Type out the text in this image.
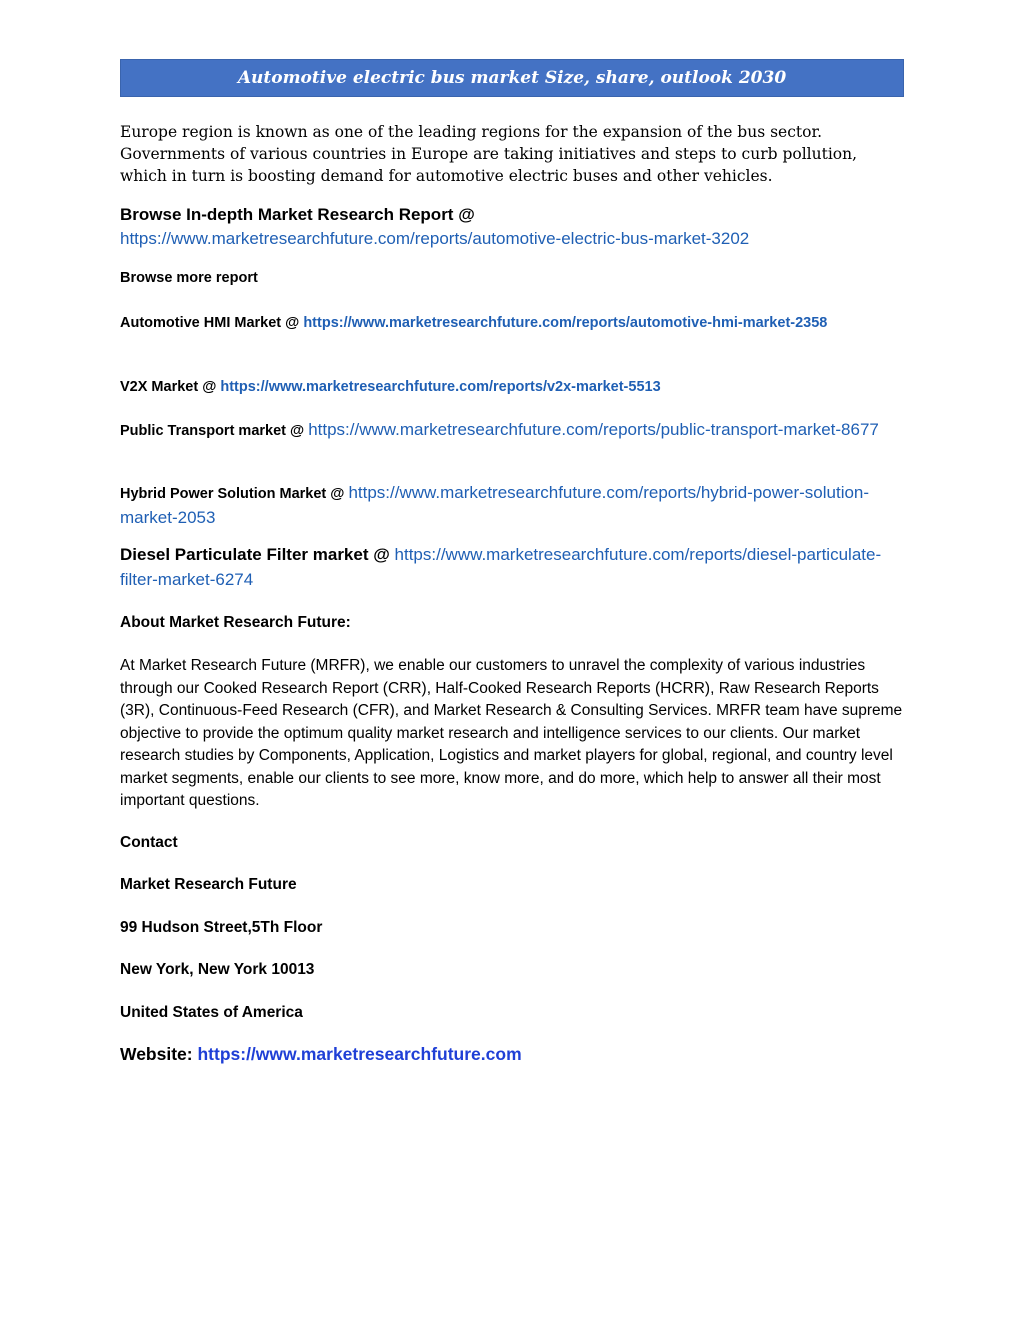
Automotive electric bus market Size, share, outlook 2030
Europe region is known as one of the leading regions for the expansion of the bus sector. Governments of various countries in Europe are taking initiatives and steps to curb pollution, which in turn is boosting demand for automotive electric buses and other vehicles.
Browse In-depth Market Research Report @
https://www.marketresearchfuture.com/reports/automotive-electric-bus-market-3202
Browse more report
Automotive HMI Market @ https://www.marketresearchfuture.com/reports/automotive-hmi-market-2358
V2X Market @ https://www.marketresearchfuture.com/reports/v2x-market-5513
Public Transport market @ https://www.marketresearchfuture.com/reports/public-transport-market-8677
Hybrid Power Solution Market @ https://www.marketresearchfuture.com/reports/hybrid-power-solution-market-2053
Diesel Particulate Filter market @ https://www.marketresearchfuture.com/reports/diesel-particulate-filter-market-6274
About Market Research Future:
At Market Research Future (MRFR), we enable our customers to unravel the complexity of various industries through our Cooked Research Report (CRR), Half-Cooked Research Reports (HCRR), Raw Research Reports (3R), Continuous-Feed Research (CFR), and Market Research & Consulting Services. MRFR team have supreme objective to provide the optimum quality market research and intelligence services to our clients. Our market research studies by Components, Application, Logistics and market players for global, regional, and country level market segments, enable our clients to see more, know more, and do more, which help to answer all their most important questions.
Contact
Market Research Future
99 Hudson Street,5Th Floor
New York, New York 10013
United States of America
Website: https://www.marketresearchfuture.com
